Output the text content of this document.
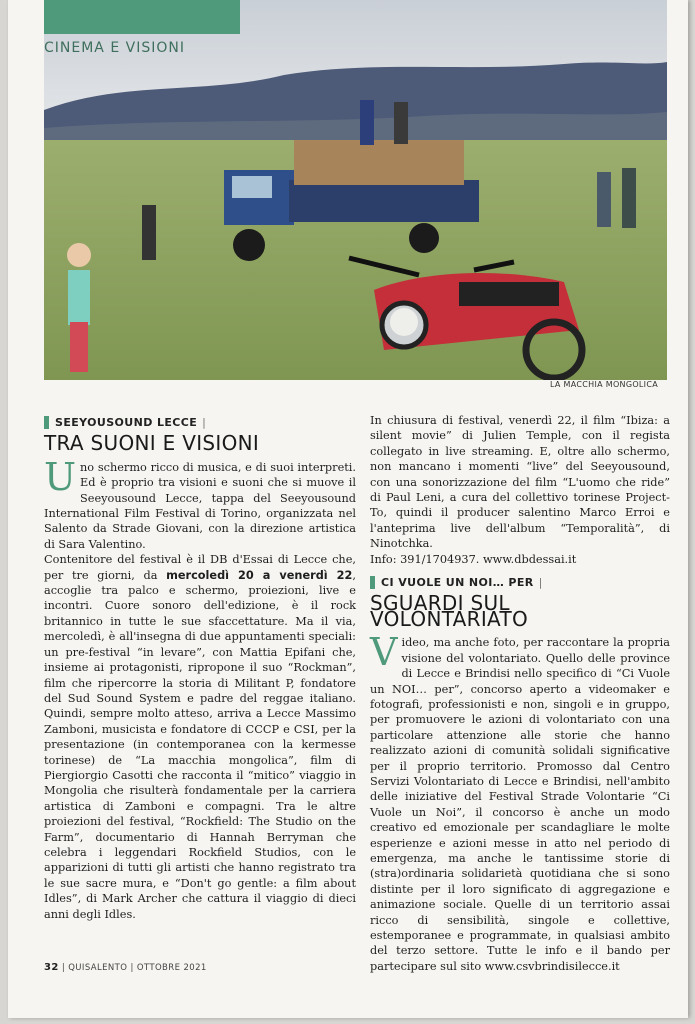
CINEMA E VISIONI
LA MACCHIA MONGOLICA
SEEYOUSOUND LECCE |
TRA SUONI E VISIONI

Uno schermo ricco di musica, e di suoi interpreti. Ed è proprio tra visioni e suoni che si muove il Seeyousound Lecce, tappa del Seeyousound International Film Festival di Torino, organizzata nel Salento da Strade Giovani, con la direzione artistica di Sara Valentino.

Contenitore del festival è il DB d'Essai di Lecce che, per tre giorni, da mercoledì 20 a venerdì 22, accoglie tra palco e schermo, proiezioni, live e incontri. Cuore sonoro dell'edizione, è il rock britannico in tutte le sue sfaccettature. Ma il via, mercoledì, è all'insegna di due appuntamenti speciali: un pre-festival “in levare”, con Mattia Epifani che, insieme ai protagonisti, ripropone il suo “Rockman”, film che ripercorre la storia di Militant P, fondatore del Sud Sound System e padre del reggae italiano. Quindi, sempre molto atteso, arriva a Lecce Massimo Zamboni, musicista e fondatore di CCCP e CSI, per la presentazione (in contemporanea con la kermesse torinese) de “La macchia mongolica”, film di Piergiorgio Casotti che racconta il “mitico” viaggio in Mongolia che risulterà fondamentale per la carriera artistica di Zamboni e compagni. Tra le altre proiezioni del festival, “Rockfield: The Studio on the Farm”, documentario di Hannah Berryman che celebra i leggendari Rockfield Studios, con le apparizioni di tutti gli artisti che hanno registrato tra le sue sacre mura, e “Don't go gentle: a film about Idles”, di Mark Archer che cattura il viaggio di dieci anni degli Idles.

In chiusura di festival, venerdì 22, il film “Ibiza: a silent movie” di Julien Temple, con il regista collegato in live streaming. E, oltre allo schermo, non mancano i momenti “live” del Seeyousound, con una sonorizzazione del film “L'uomo che ride” di Paul Leni, a cura del collettivo torinese Project-To, quindi il producer salentino Marco Erroi e l'anteprima live dell'album “Temporalità”, di Ninotchka.

Info: 391/1704937. www.dbdessai.it

CI VUOLE UN NOI… PER |
SGUARDI SUL VOLONTARIATO

Video, ma anche foto, per raccontare la propria visione del volontariato. Quello delle province di Lecce e Brindisi nello specifico di “Ci Vuole un NOI… per”, concorso aperto a videomaker e fotografi, professionisti e non, singoli e in gruppo, per promuovere le azioni di volontariato con una particolare attenzione alle storie che hanno realizzato azioni di comunità solidali significative per il proprio territorio. Promosso dal Centro Servizi Volontariato di Lecce e Brindisi, nell'ambito delle iniziative del Festival Strade Volontarie “Ci Vuole un Noi”, il concorso è anche un modo creativo ed emozionale per scandagliare le molte esperienze e azioni messe in atto nel periodo di emergenza, ma anche le tantissime storie di (stra)ordinaria solidarietà quotidiana che si sono distinte per il loro significato di aggregazione e animazione sociale. Quelle di un territorio assai ricco di sensibilità, singole e collettive, estemporanee e programmate, in qualsiasi ambito del terzo settore. Tutte le info e il bando per partecipare sul sito www.csvbrindisilecce.it

32 | QUISALENTO | OTTOBRE 2021
